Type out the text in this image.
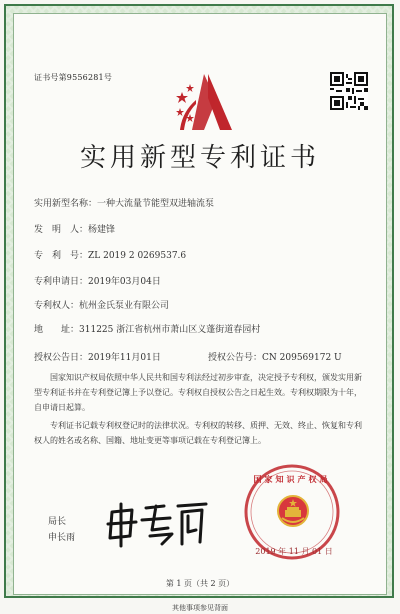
证书号第9556281号
实用新型专利证书
实用新型名称：一种大流量节能型双进轴流泵
发　明　人：杨建锋
专　利　号：ZL 2019 2 0269537.6
专利申请日：2019年03月04日
专利权人：杭州金氏泵业有限公司
地　　址：311225 浙江省杭州市萧山区义蓬街道春园村
授权公告日：2019年11月01日	授权公告号：CN 209569172 U
国家知识产权局依照中华人民共和国专利法经过初步审查，决定授予专利权，颁发实用新型专利证书并在专利登记簿上予以登记。专利权自授权公告之日起生效。专利权期限为十年，自申请日起算。
专利证书记载专利权登记时的法律状况。专利权的转移、质押、无效、终止、恢复和专利权人的姓名或名称、国籍、地址变更等事项记载在专利登记簿上。
局长
申长雨
国家知识产权局
2019 年 11 月 01 日
第 1 页（共 2 页）
其他事项参见背面
